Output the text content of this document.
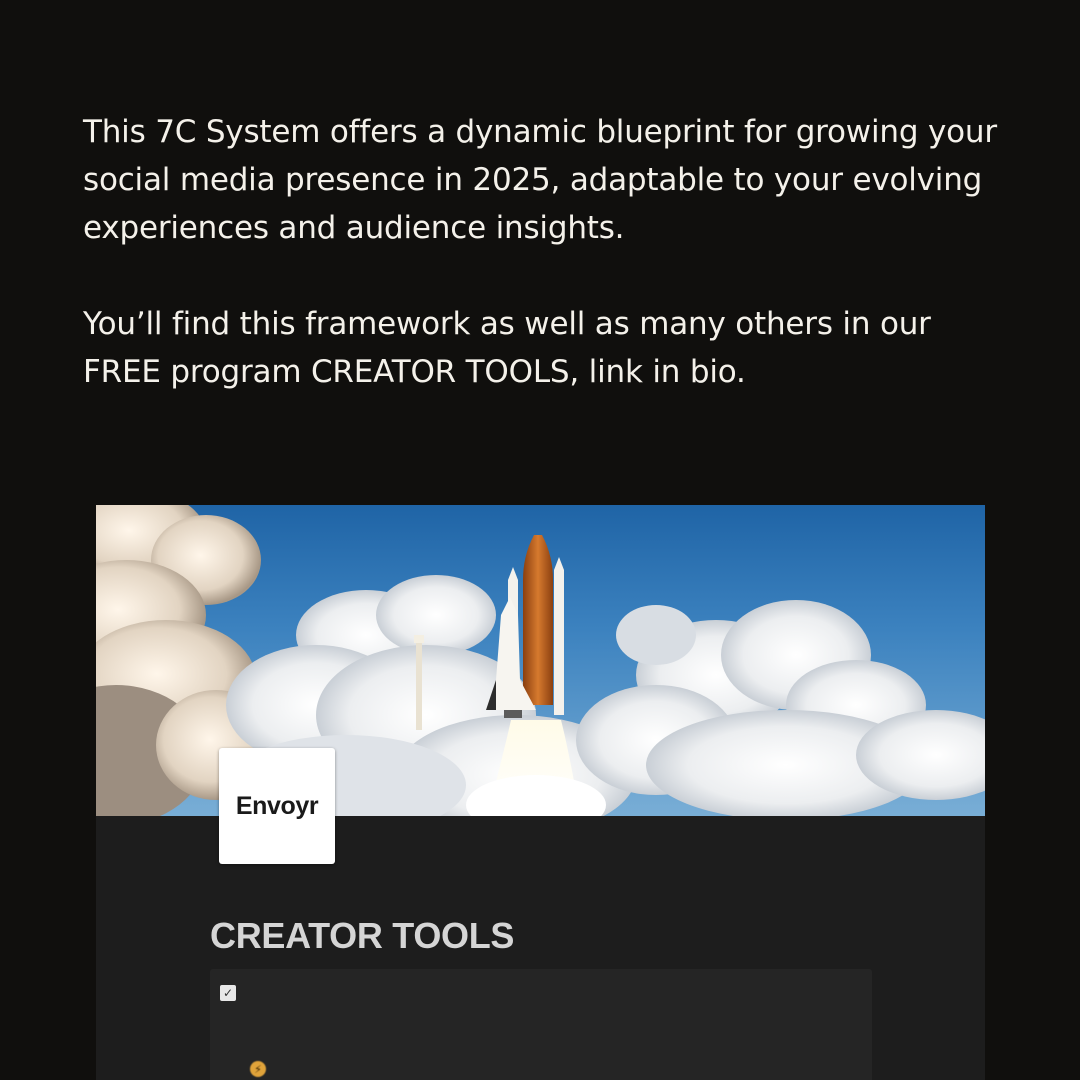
This 7C System offers a dynamic blueprint for growing your social media presence in 2025, adaptable to your evolving experiences and audience insights.

You’ll find this framework as well as many others in our FREE program CREATOR TOOLS, link in bio.

Envoyr
CREATOR TOOLS
✓
⚡
